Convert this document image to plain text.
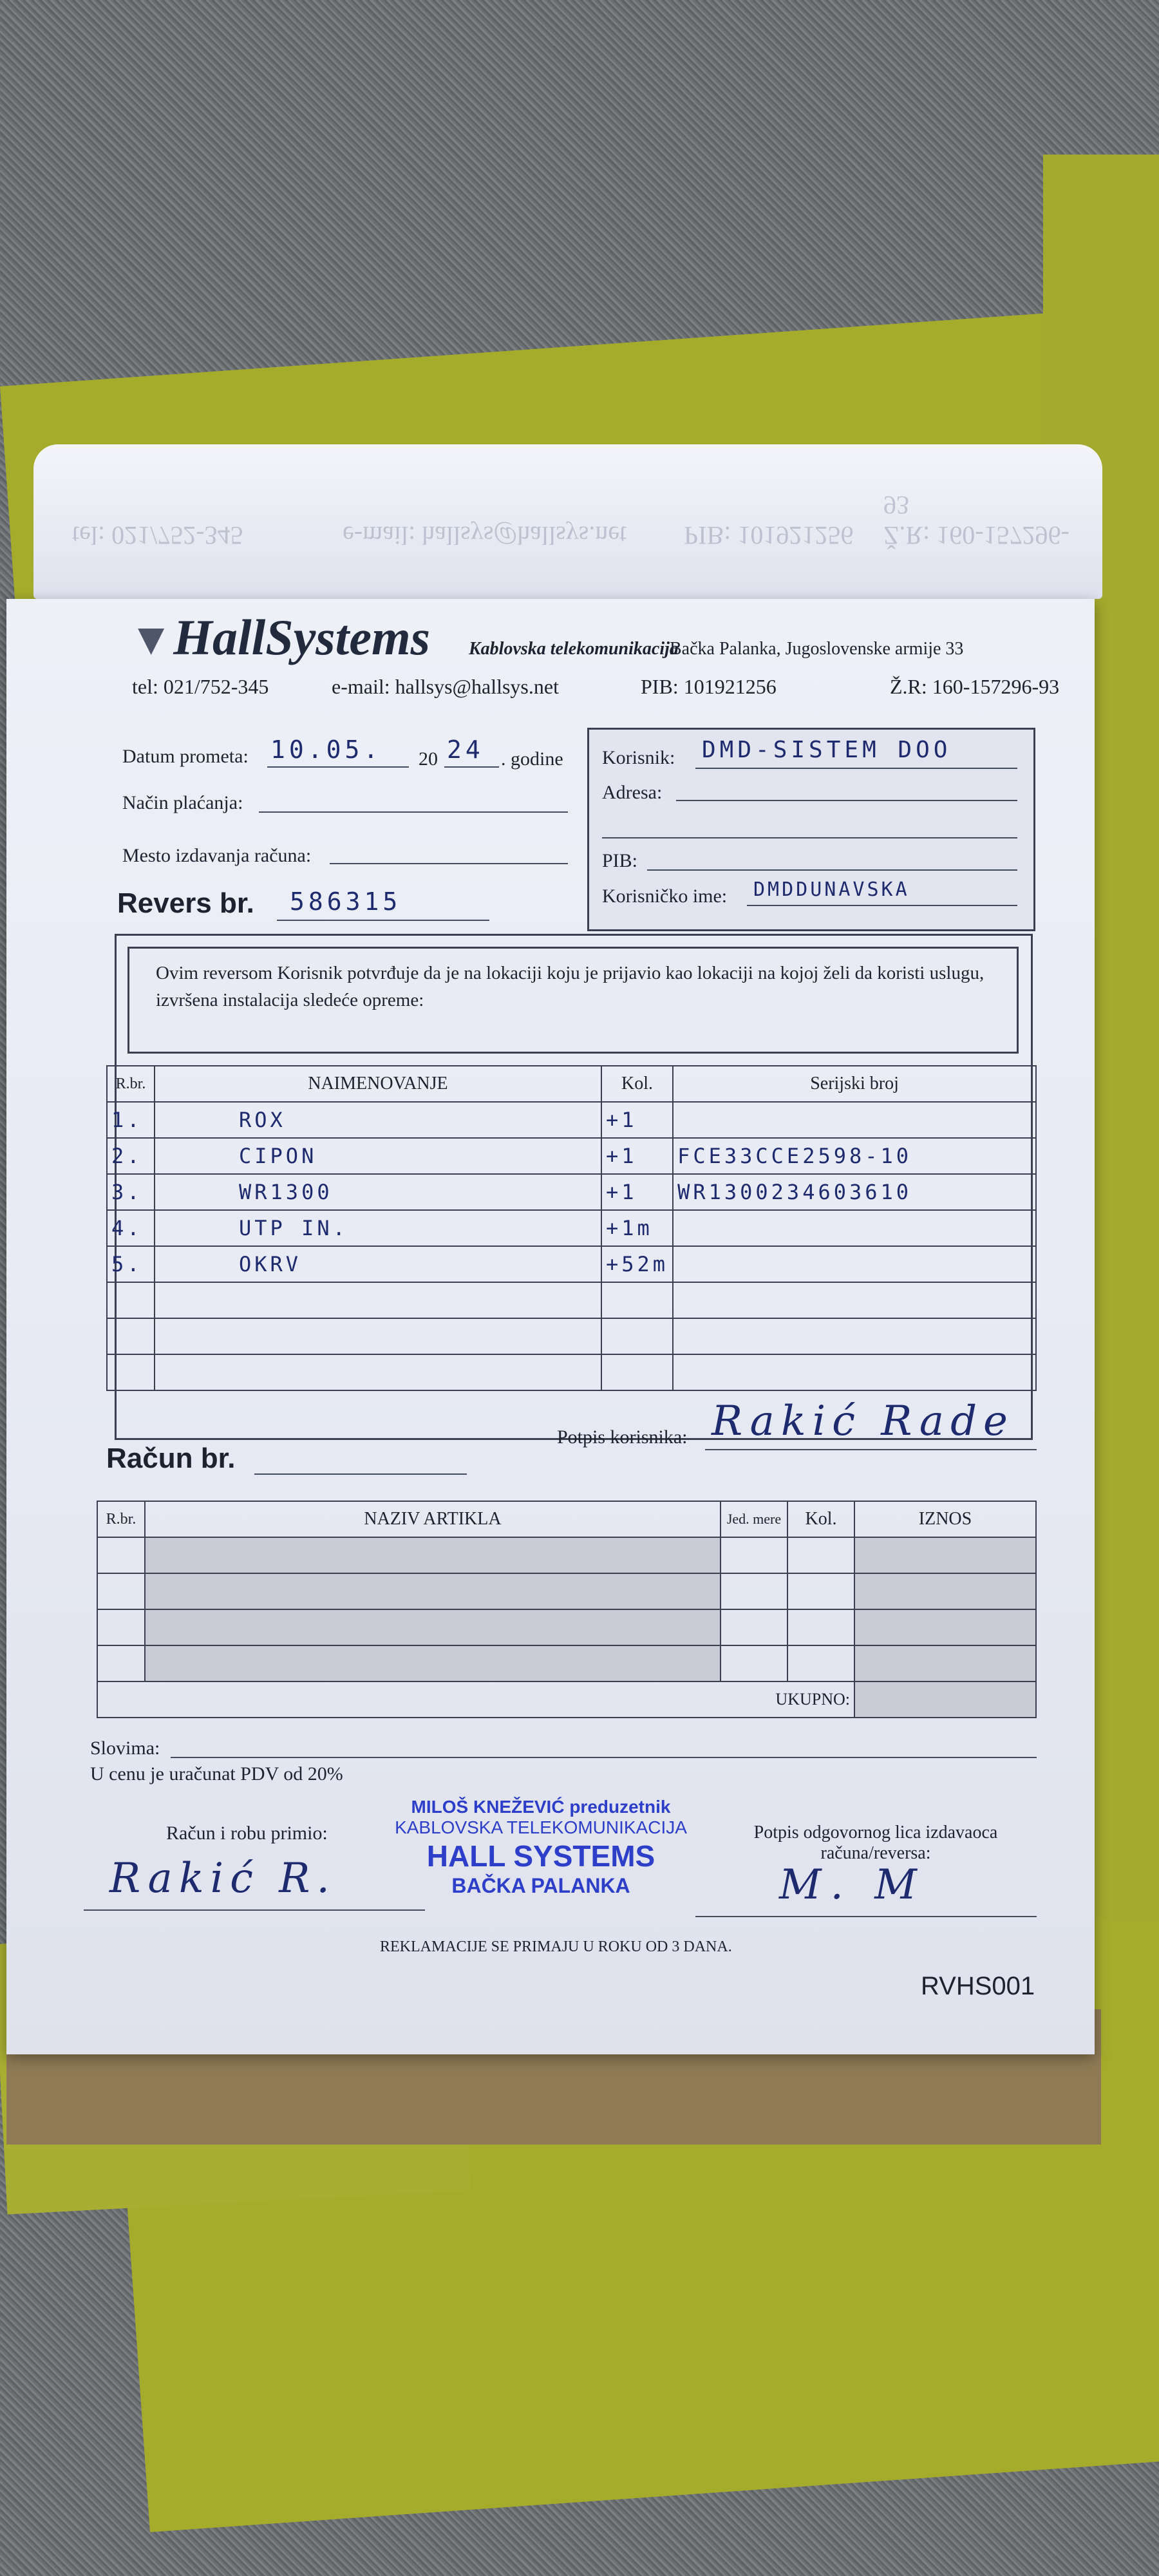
tel: 021/752-345	e-mail: hallsys@hallsys.net PIB: 101921256 Ž.R: 160-157296-93
▼HallSystems Kablovska telekomunikacija
Bačka Palanka, Jugoslovenske armije 33
tel: 021/752-345	e-mail: hallsys@hallsys.net	PIB: 101921256	Ž.R: 160-157296-93
Datum prometa: 10.05. 20 24 . godine
Način plaćanja:
Mesto izdavanja računa:
Korisnik: DMD-SISTEM DOO
Adresa:
PIB:
Korisničko ime: DMDDUNAVSKA
Revers br. 586315
Ovim reversom Korisnik potvrđuje da je na lokaciji koju je prijavio kao lokaciji na kojoj želi da koristi uslugu, izvršena instalacija sledeće opreme:
R.br.	NAIMENOVANJE	Kol.	Serijski broj
1.	ROX	+1	
2.	CIPON	+1	FCE33CCE2598-10
3.	WR1300	+1	WR1300234603610
4.	UTP IN.	+1m	
5.	OKRV	+52m	

Potpis korisnika: Rakić Rade
Račun br.
R.br.	NAZIV ARTIKLA	Jed. mere	Kol.	IZNOS

UKUPNO:				
Slovima:
U cenu je uračunat PDV od 20%
Račun i robu primio:
Rakić R.
Potpis odgovornog lica izdavaoca računa/reversa:
M. M
MILOŠ KNEŽEVIĆ preduzetnik
KABLOVSKA TELEKOMUNIKACIJA
HALL SYSTEMS
BAČKA PALANKA
REKLAMACIJE SE PRIMAJU U ROKU OD 3 DANA.
RVHS001
